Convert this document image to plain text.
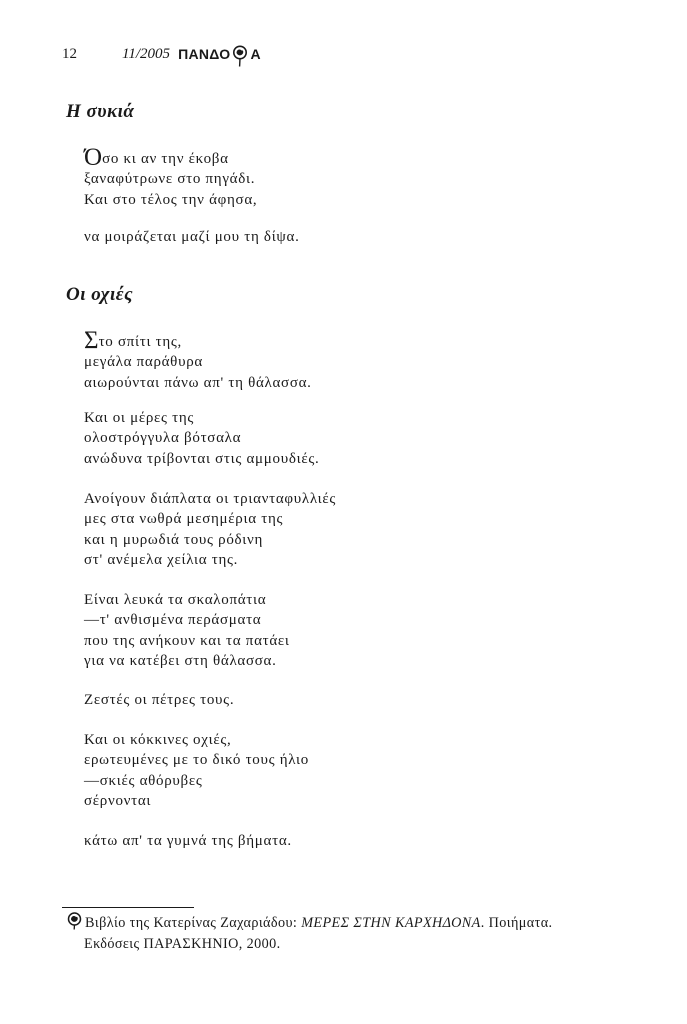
12	11/2005 ΠΑΝΔΟ Α
Η συκιά
Όσο κι αν την έκοβα
ξαναφύτρωνε στο πηγάδι.
Και στο τέλος την άφησα,
να μοιράζεται μαζί μου τη δίψα.
Οι οχιές
Στο σπίτι της,
μεγάλα παράθυρα
αιωρούνται πάνω απ' τη θάλασσα.
Και οι μέρες της
ολοστρόγγυλα βότσαλα
ανώδυνα τρίβονται στις αμμουδιές.
Ανοίγουν διάπλατα οι τριανταφυλλιές
μες στα νωθρά μεσημέρια της
και η μυρωδιά τους ρόδινη
στ' ανέμελα χείλια της.
Είναι λευκά τα σκαλοπάτια
—τ' ανθισμένα περάσματα
που της ανήκουν και τα πατάει
για να κατέβει στη θάλασσα.
Ζεστές οι πέτρες τους.
Και οι κόκκινες οχιές,
ερωτευμένες με το δικό τους ήλιο
—σκιές αθόρυβες
σέρνονται
κάτω απ' τα γυμνά της βήματα.
Βιβλίο της Κατερίνας Ζαχαριάδου: ΜΕΡΕΣ ΣΤΗΝ ΚΑΡΧΗΔΟΝΑ. Ποιήματα.
Εκδόσεις ΠΑΡΑΣΚΗΝΙΟ, 2000.
